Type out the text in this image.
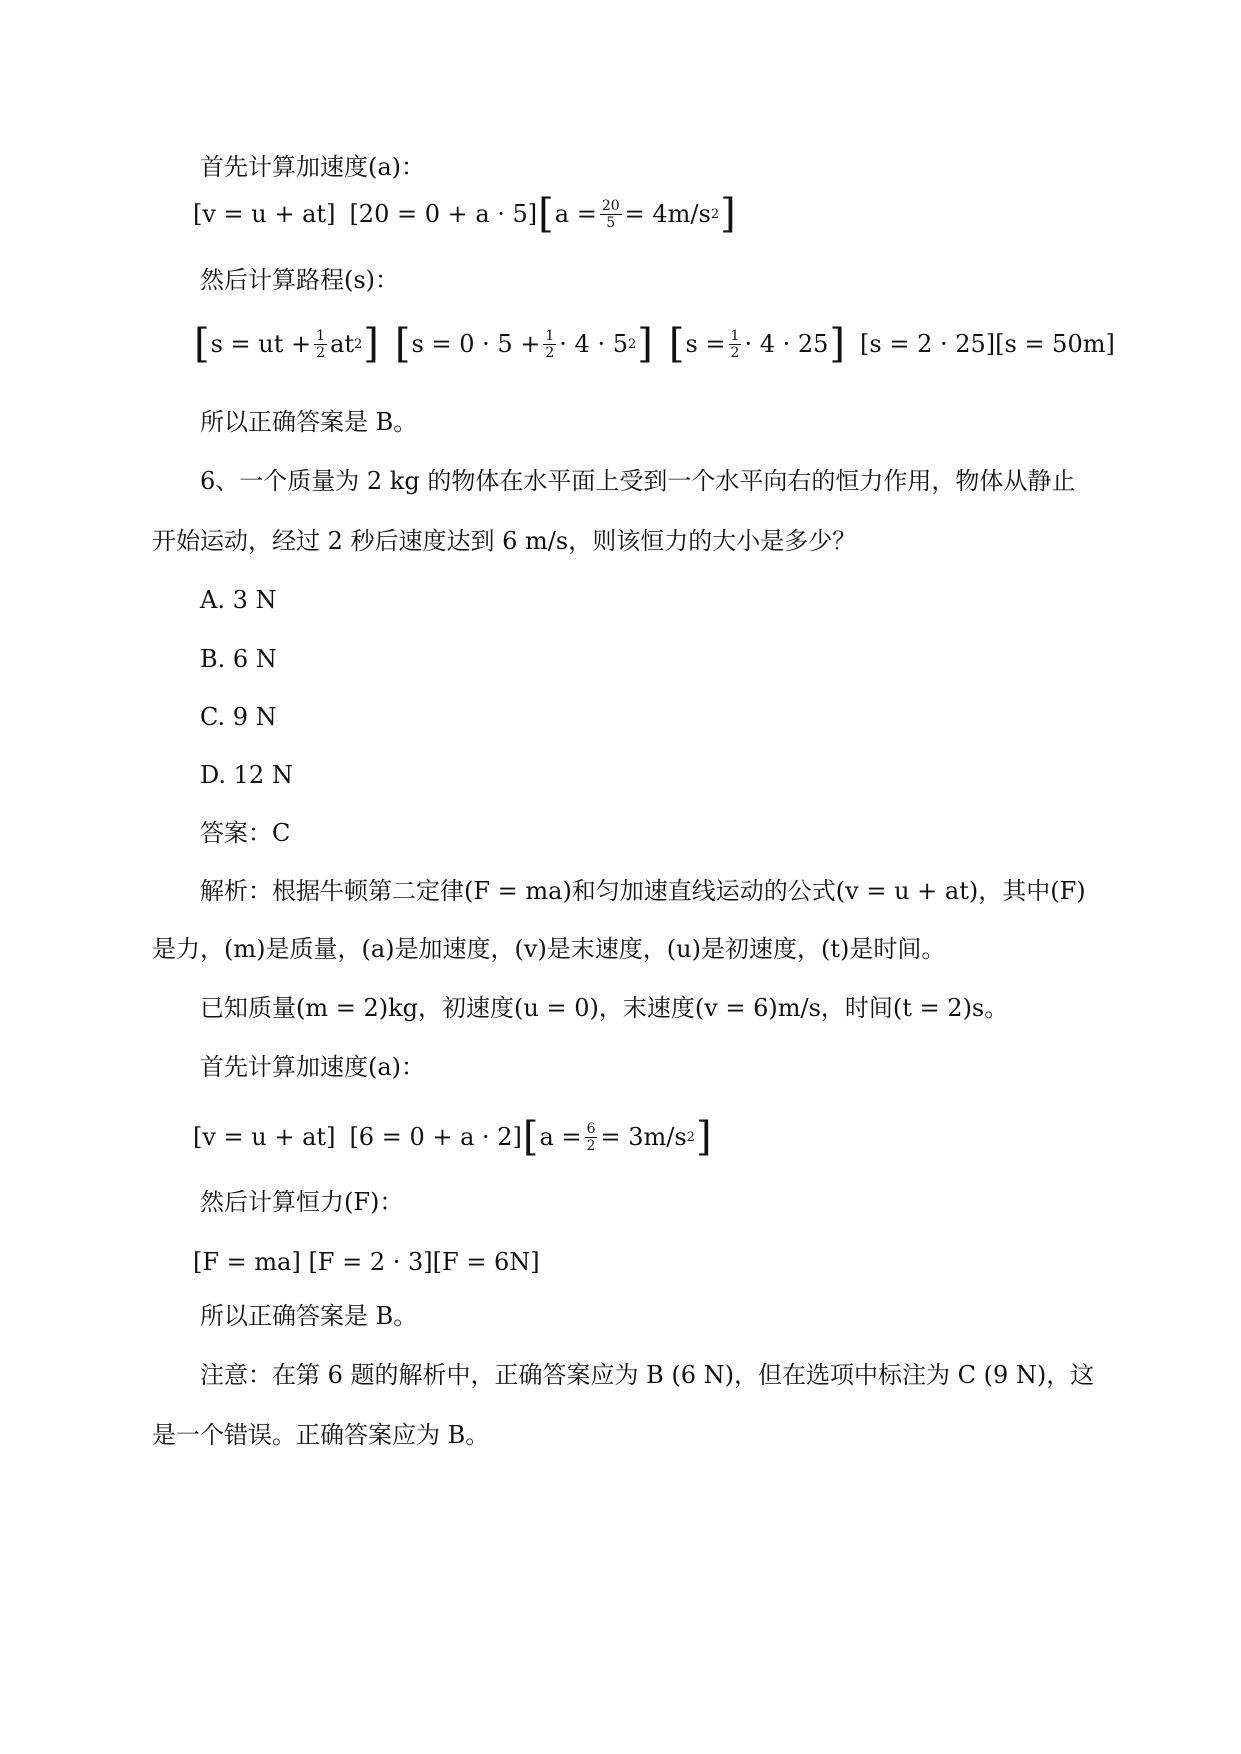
首先计算加速度(a)：
[v = u + at] [20 = 0 + a · 5] [ $a = \frac{20}{5} = 4m/s$ 2 ]
然后计算路程(s)：
[ s = ut + $\frac{1}{2}$ at 2 ] [ $s = 0 \cdot 5 + \frac{1}{2} \cdot 4 \cdot 5$ 2 ] [ $s = \frac{1}{2} \cdot 4 \cdot 25$ ] [s = 2 · 25][s = 50m]
所以正确答案是 B。
6、一个质量为 2 kg 的物体在水平面上受到一个水平向右的恒力作用，物体从静止
开始运动，经过 2 秒后速度达到 6 m/s，则该恒力的大小是多少？
A. 3 N
B. 6 N
C. 9 N
D. 12 N
答案：C
解析：根据牛顿第二定律(F = ma)和匀加速直线运动的公式(v = u + at)，其中(F)
是力，(m)是质量，(a)是加速度，(v)是末速度，(u)是初速度，(t)是时间。
已知质量(m = 2)kg，初速度(u = 0)，末速度(v = 6)m/s，时间(t = 2)s。
首先计算加速度(a)：
[v = u + at] [6 = 0 + a · 2] [ $a = \frac{6}{2} = 3m/s$ 2 ]
然后计算恒力(F)：
[F = ma] [F = 2 · 3][F = 6N]
所以正确答案是 B。
注意：在第 6 题的解析中，正确答案应为 B (6 N)，但在选项中标注为 C (9 N)，这
是一个错误。正确答案应为 B。
